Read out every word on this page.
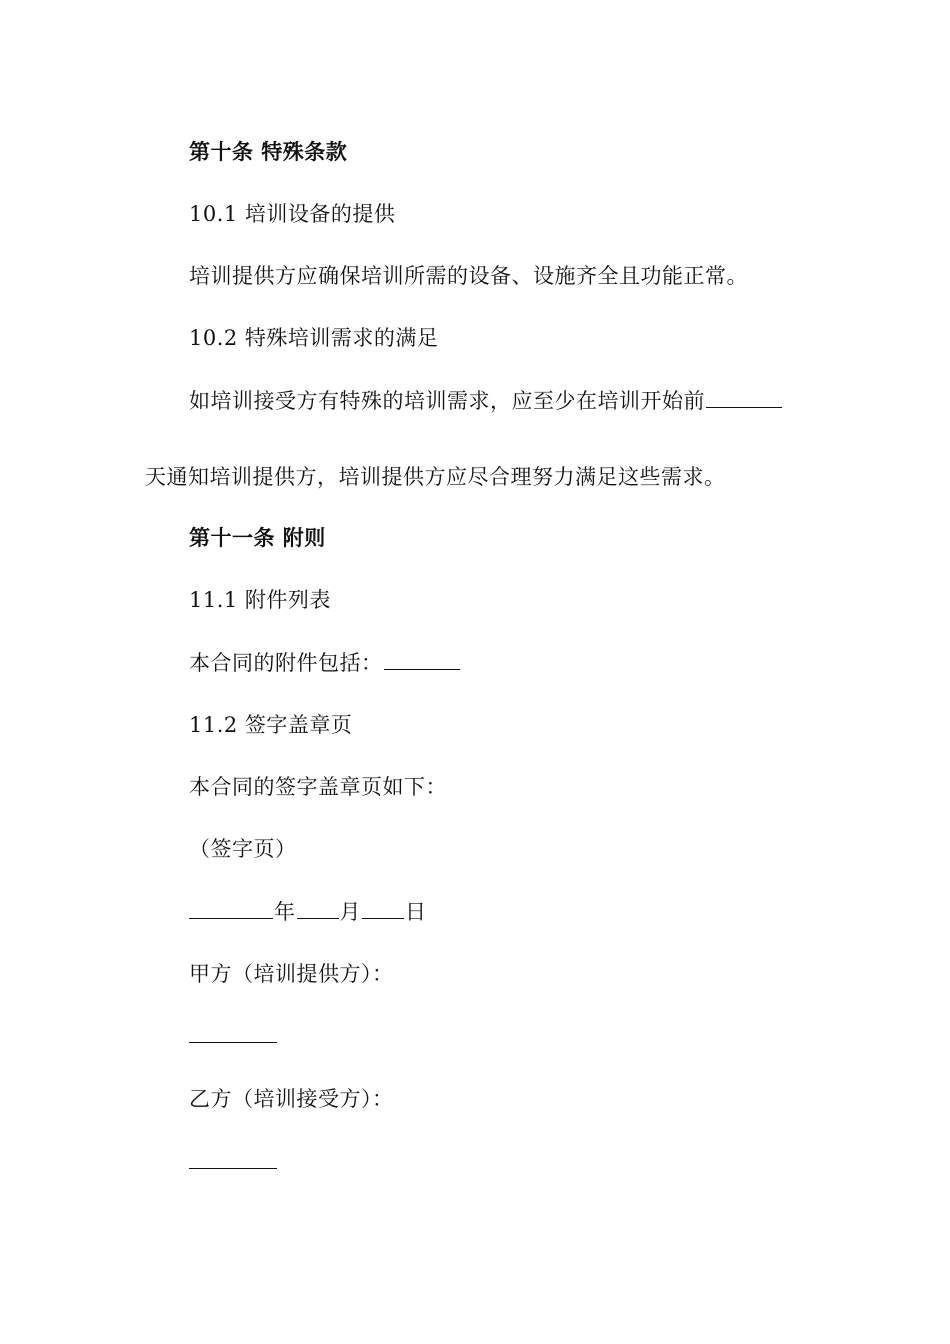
第十条 特殊条款
10.1 培训设备的提供
培训提供方应确保培训所需的设备、设施齐全且功能正常。
10.2 特殊培训需求的满足
如培训接受方有特殊的培训需求，应至少在培训开始前
天通知培训提供方，培训提供方应尽合理努力满足这些需求。
第十一条 附则
11.1 附件列表
本合同的附件包括：
11.2 签字盖章页
本合同的签字盖章页如下：
（签字页）
年 月 日
甲方（培训提供方）：
乙方（培训接受方）：
